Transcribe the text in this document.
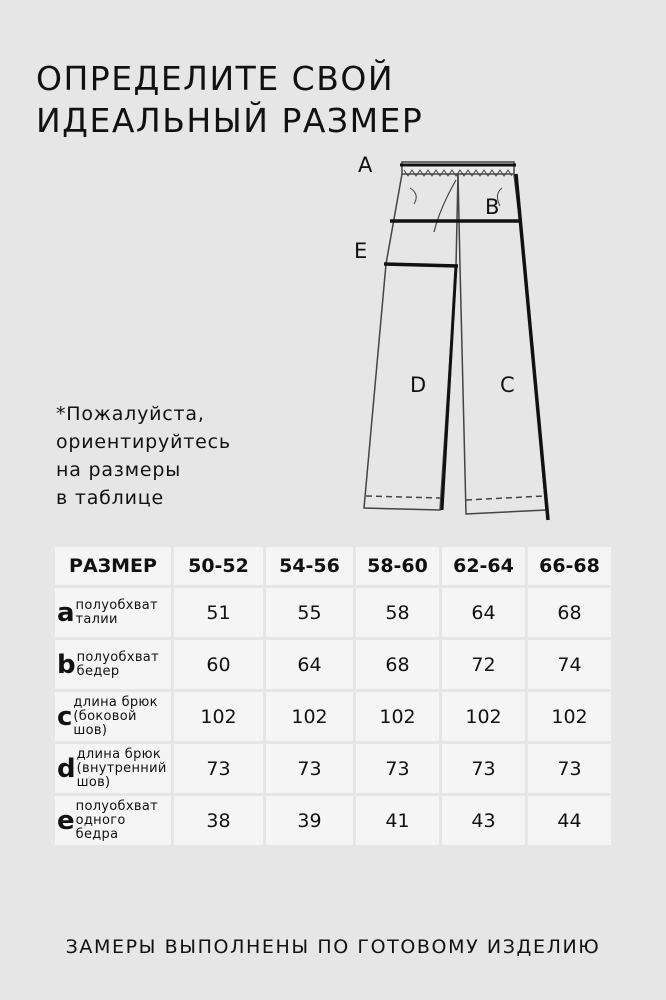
ОПРЕДЕЛИТЕ СВОЙ
ИДЕАЛЬНЫЙ РАЗМЕР
A
B
E
D	C
*Пожалуйста,
ориентируйтесь
на размеры
в таблице
РАЗМЕР	50-52	54-56	58-60	62-64	66-68

a полуобхват
талии	51	55	58	64	68

b полуобхват
бедер	60	64	68	72	74

c длина брюк
(боковой
шов)	102	102	102	102	102

d длина брюк
(внутренний
шов)	73	73	73	73	73

e полуобхват
одного
бедра	38	39	41	43	44
ЗАМЕРЫ ВЫПОЛНЕНЫ ПО ГОТОВОМУ ИЗДЕЛИЮ
